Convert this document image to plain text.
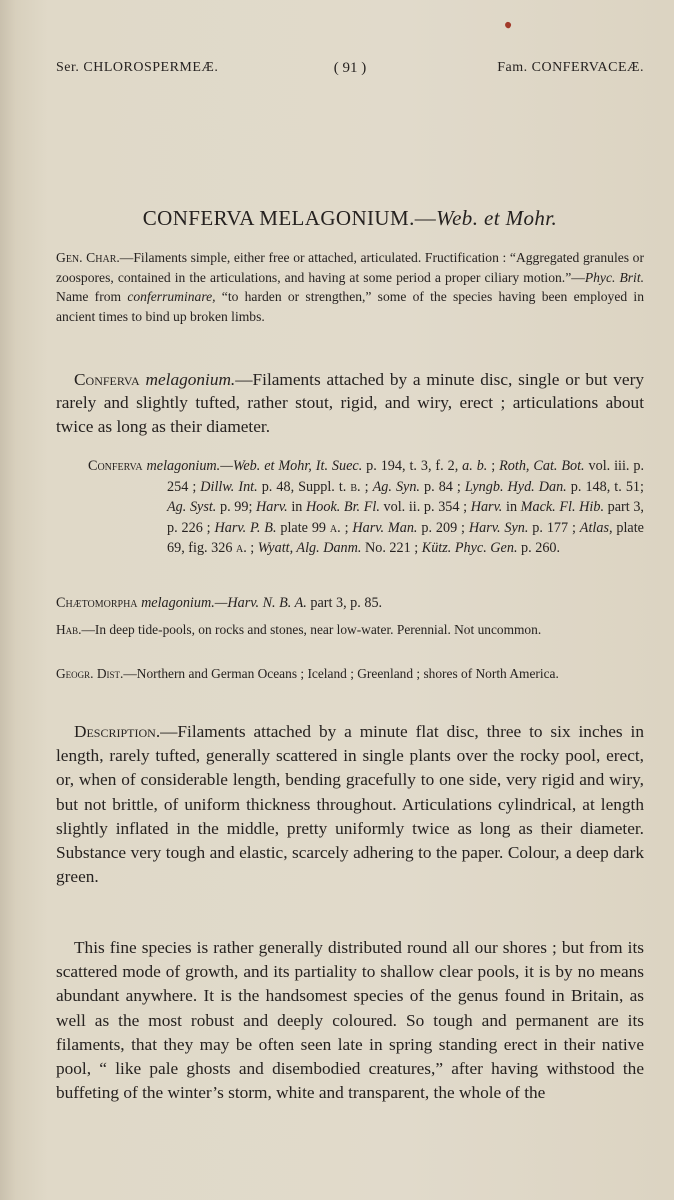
Ser. CHLOROSPERMEÆ.	( 91 )	Fam. CONFERVACEÆ.
CONFERVA MELAGONIUM.—Web. et Mohr.
Gen. Char.—Filaments simple, either free or attached, articulated. Fructification : “Aggregated granules or zoospores, contained in the articulations, and having at some period a proper ciliary motion.”—Phyc. Brit. Name from conferruminare, “to harden or strengthen,” some of the species having been employed in ancient times to bind up broken limbs.
Conferva melagonium.—Filaments attached by a minute disc, single or but very rarely and slightly tufted, rather stout, rigid, and wiry, erect ; articulations about twice as long as their diameter.
Conferva melagonium.—Web. et Mohr, It. Suec. p. 194, t. 3, f. 2, a. b. ; Roth, Cat. Bot. vol. iii. p. 254 ; Dillw. Int. p. 48, Suppl. t. b. ; Ag. Syn. p. 84 ; Lyngb. Hyd. Dan. p. 148, t. 51; Ag. Syst. p. 99; Harv. in Hook. Br. Fl. vol. ii. p. 354 ; Harv. in Mack. Fl. Hib. part 3, p. 226 ; Harv. P. B. plate 99 a. ; Harv. Man. p. 209 ; Harv. Syn. p. 177 ; Atlas, plate 69, fig. 326 a. ; Wyatt, Alg. Danm. No. 221 ; Kütz. Phyc. Gen. p. 260.
Chætomorpha melagonium.—Harv. N. B. A. part 3, p. 85.
Hab.—In deep tide-pools, on rocks and stones, near low-water. Perennial. Not uncommon.
Geogr. Dist.—Northern and German Oceans ; Iceland ; Greenland ; shores of North America.
Description.—Filaments attached by a minute flat disc, three to six inches in length, rarely tufted, generally scattered in single plants over the rocky pool, erect, or, when of considerable length, bending gracefully to one side, very rigid and wiry, but not brittle, of uniform thickness throughout. Articulations cylindrical, at length slightly inflated in the middle, pretty uniformly twice as long as their diameter. Substance very tough and elastic, scarcely adhering to the paper. Colour, a deep dark green.
This fine species is rather generally distributed round all our shores ; but from its scattered mode of growth, and its partiality to shallow clear pools, it is by no means abundant anywhere. It is the handsomest species of the genus found in Britain, as well as the most robust and deeply coloured. So tough and permanent are its filaments, that they may be often seen late in spring standing erect in their native pool, “ like pale ghosts and disembodied creatures,” after having withstood the buffeting of the winter’s storm, white and transparent, the whole of the
